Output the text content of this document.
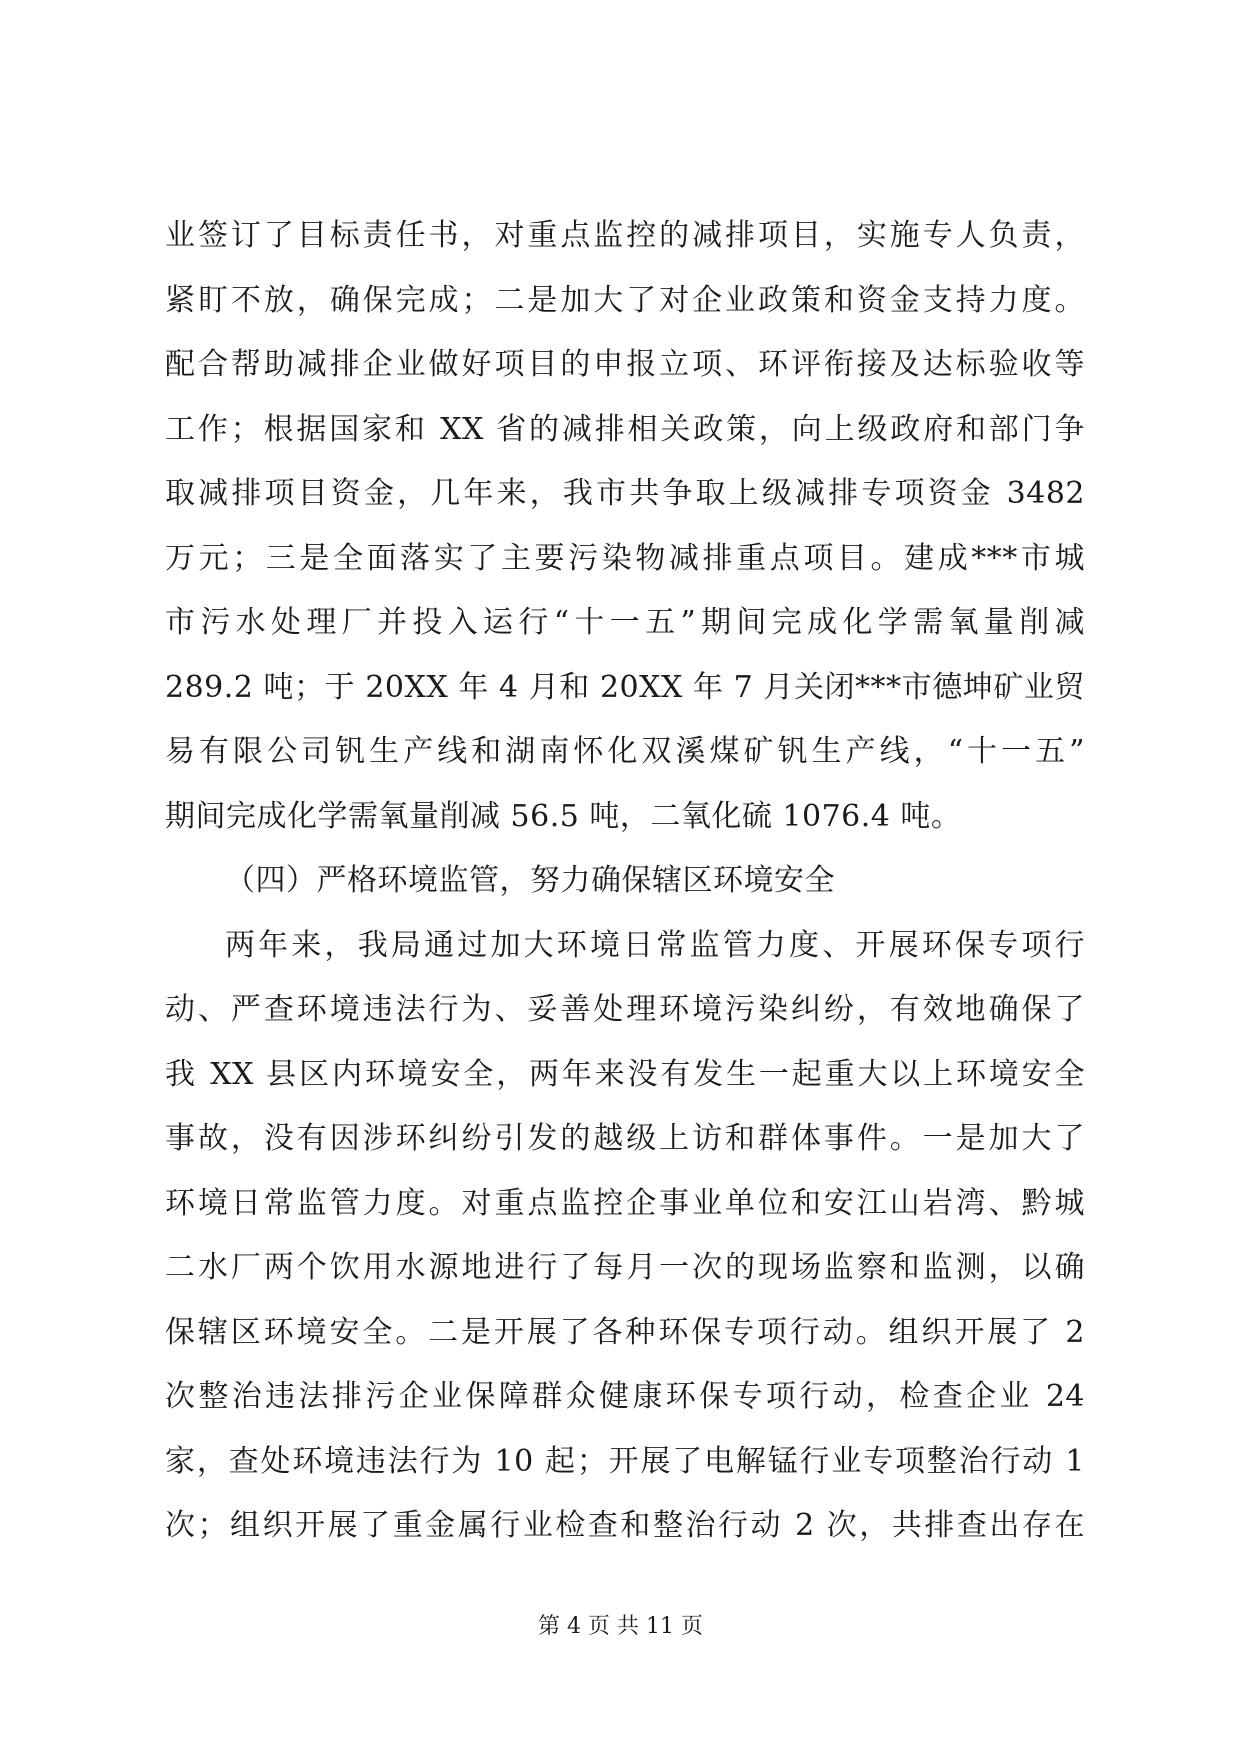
业签订了目标责任书，对重点监控的减排项目，实施专人负责，
紧盯不放，确保完成；二是加大了对企业政策和资金支持力度。
配合帮助减排企业做好项目的申报立项、环评衔接及达标验收等
工作；根据国家和 XX 省的减排相关政策，向上级政府和部门争
取减排项目资金，几年来，我市共争取上级减排专项资金 3482
万元；三是全面落实了主要污染物减排重点项目。建成***市城
市污水处理厂并投入运行“十一五”期间完成化学需氧量削减
289.2 吨；于 20XX 年 4 月和 20XX 年 7 月关闭***市德坤矿业贸
易有限公司钒生产线和湖南怀化双溪煤矿钒生产线，“十一五”
期间完成化学需氧量削减 56.5 吨，二氧化硫 1076.4 吨。
（四）严格环境监管，努力确保辖区环境安全
两年来，我局通过加大环境日常监管力度、开展环保专项行
动、严查环境违法行为、妥善处理环境污染纠纷，有效地确保了
我 XX 县区内环境安全，两年来没有发生一起重大以上环境安全
事故，没有因涉环纠纷引发的越级上访和群体事件。一是加大了
环境日常监管力度。对重点监控企事业单位和安江山岩湾、黔城
二水厂两个饮用水源地进行了每月一次的现场监察和监测，以确
保辖区环境安全。二是开展了各种环保专项行动。组织开展了 2
次整治违法排污企业保障群众健康环保专项行动，检查企业 24
家，查处环境违法行为 10 起；开展了电解锰行业专项整治行动 1
次；组织开展了重金属行业检查和整治行动 2 次，共排查出存在
第 4 页 共 11 页
